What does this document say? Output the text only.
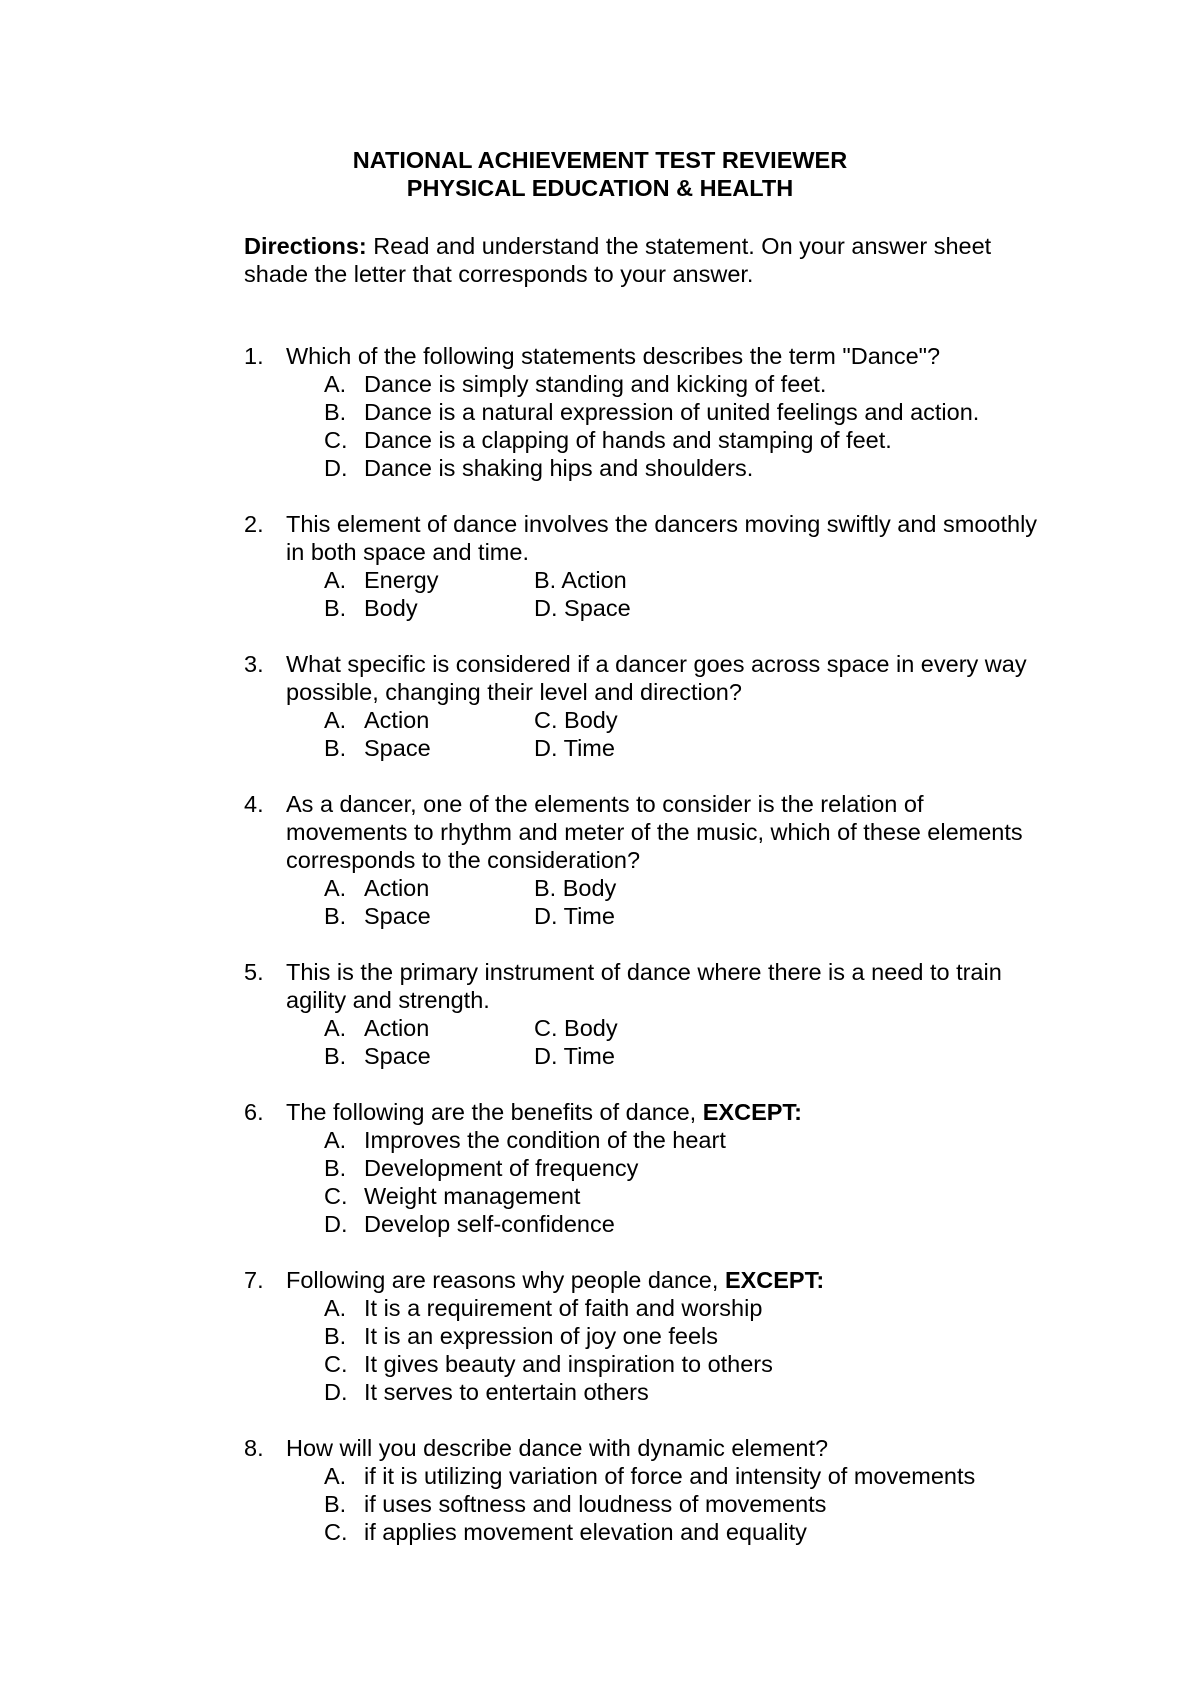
NATIONAL ACHIEVEMENT TEST REVIEWER
PHYSICAL EDUCATION & HEALTH
Directions: Read and understand the statement. On your answer sheet shade the letter that corresponds to your answer.
1. Which of the following statements describes the term "Dance"?
A. Dance is simply standing and kicking of feet.
B. Dance is a natural expression of united feelings and action.
C. Dance is a clapping of hands and stamping of feet.
D. Dance is shaking hips and shoulders.
2. This element of dance involves the dancers moving swiftly and smoothly in both space and time.
A. Energy	B. Action
B. Body	D. Space
3. What specific is considered if a dancer goes across space in every way possible, changing their level and direction?
A. Action	C. Body
B. Space	D. Time
4. As a dancer, one of the elements to consider is the relation of movements to rhythm and meter of the music, which of these elements corresponds to the consideration?
A. Action	B. Body
B. Space	D. Time
5. This is the primary instrument of dance where there is a need to train agility and strength.
A. Action	C. Body
B. Space	D. Time
6. The following are the benefits of dance, EXCEPT:
A. Improves the condition of the heart
B. Development of frequency
C. Weight management
D. Develop self-confidence
7. Following are reasons why people dance, EXCEPT:
A. It is a requirement of faith and worship
B. It is an expression of joy one feels
C. It gives beauty and inspiration to others
D. It serves to entertain others
8. How will you describe dance with dynamic element?
A. if it is utilizing variation of force and intensity of movements
B. if uses softness and loudness of movements
C. if applies movement elevation and equality
